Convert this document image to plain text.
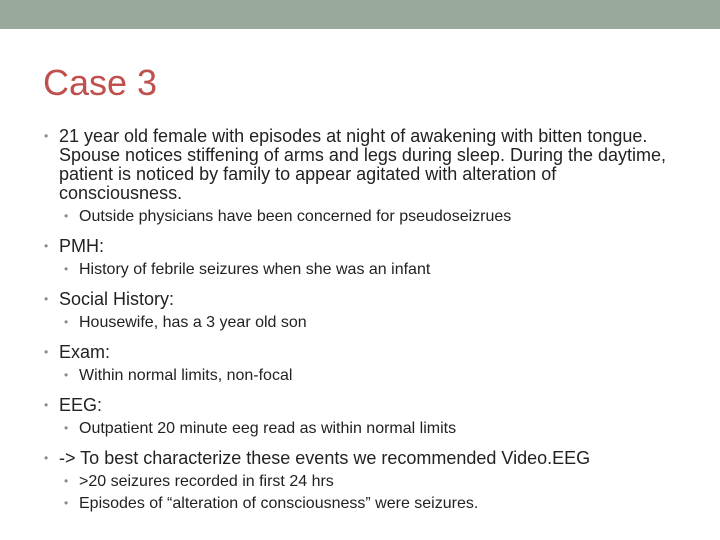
Case 3
• 21 year old female with episodes at night of awakening with bitten tongue. Spouse notices stiffening of arms and legs during sleep. During the daytime, patient is noticed by family to appear agitated with alteration of consciousness.
• Outside physicians have been concerned for pseudoseizrues
• PMH:
• History of febrile seizures when she was an infant
• Social History:
• Housewife, has a 3 year old son
• Exam:
• Within normal limits, non-focal
• EEG:
• Outpatient 20 minute eeg read as within normal limits
• -> To best characterize these events we recommended Video.EEG
• >20 seizures recorded in first 24 hrs
• Episodes of “alteration of consciousness” were seizures.
